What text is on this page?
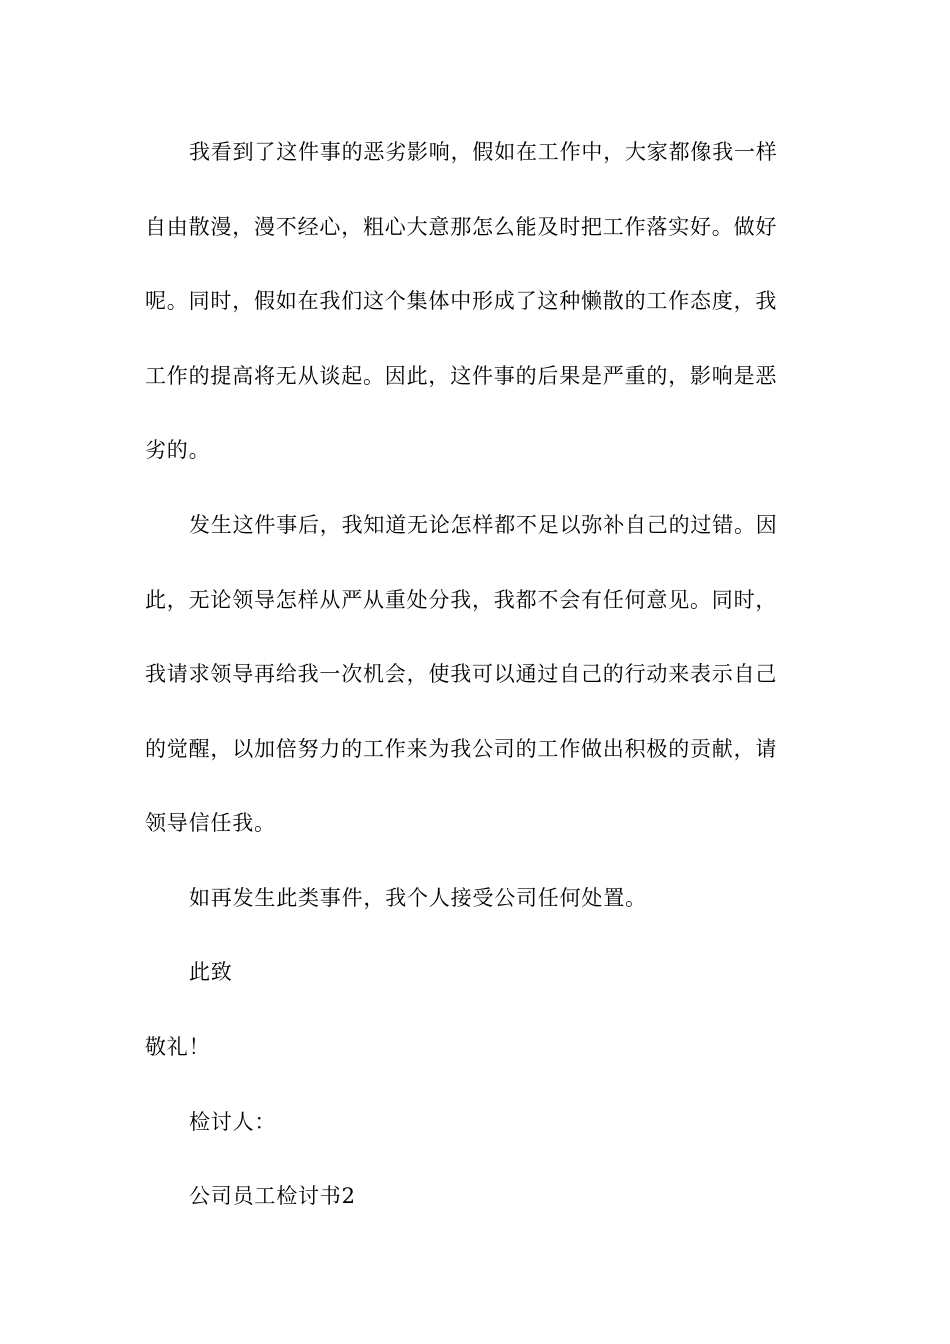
我看到了这件事的恶劣影响，假如在工作中，大家都像我一样
自由散漫，漫不经心，粗心大意那怎么能及时把工作落实好。做好
呢。同时，假如在我们这个集体中形成了这种懒散的工作态度，我
工作的提高将无从谈起。因此，这件事的后果是严重的，影响是恶
劣的。
发生这件事后，我知道无论怎样都不足以弥补自己的过错。因
此，无论领导怎样从严从重处分我，我都不会有任何意见。同时，
我请求领导再给我一次机会，使我可以通过自己的行动来表示自己
的觉醒，以加倍努力的工作来为我公司的工作做出积极的贡献，请
领导信任我。
如再发生此类事件，我个人接受公司任何处置。
此致
敬礼！
检讨人：
公司员工检讨书2
